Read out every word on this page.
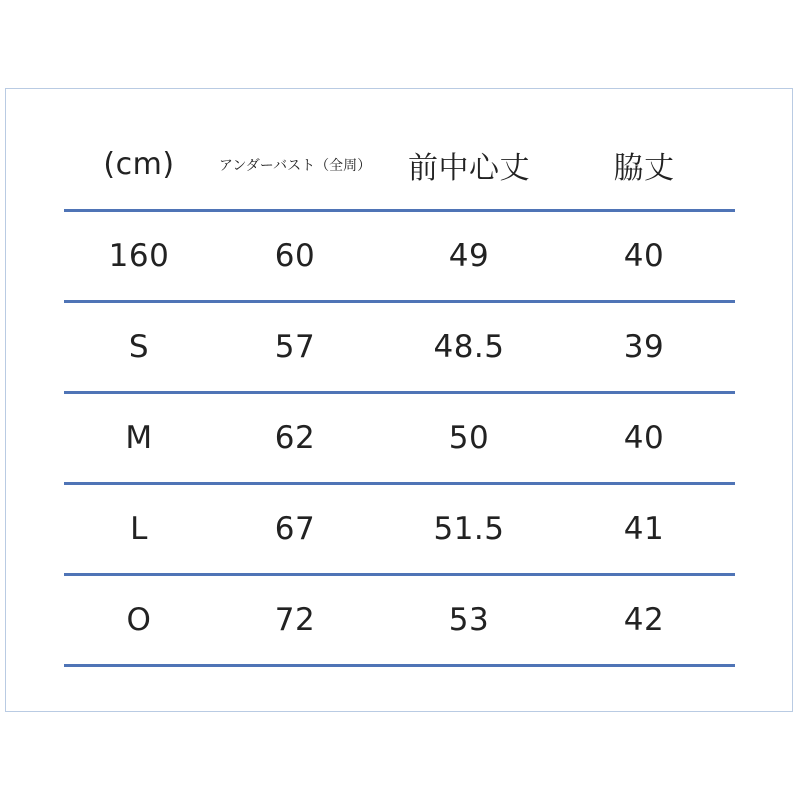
(cm)	アンダーバスト（全周）	前中心丈	脇丈
160	60	49	40
S	57	48.5	39
M	62	50	40
L	67	51.5	41
O	72	53	42
